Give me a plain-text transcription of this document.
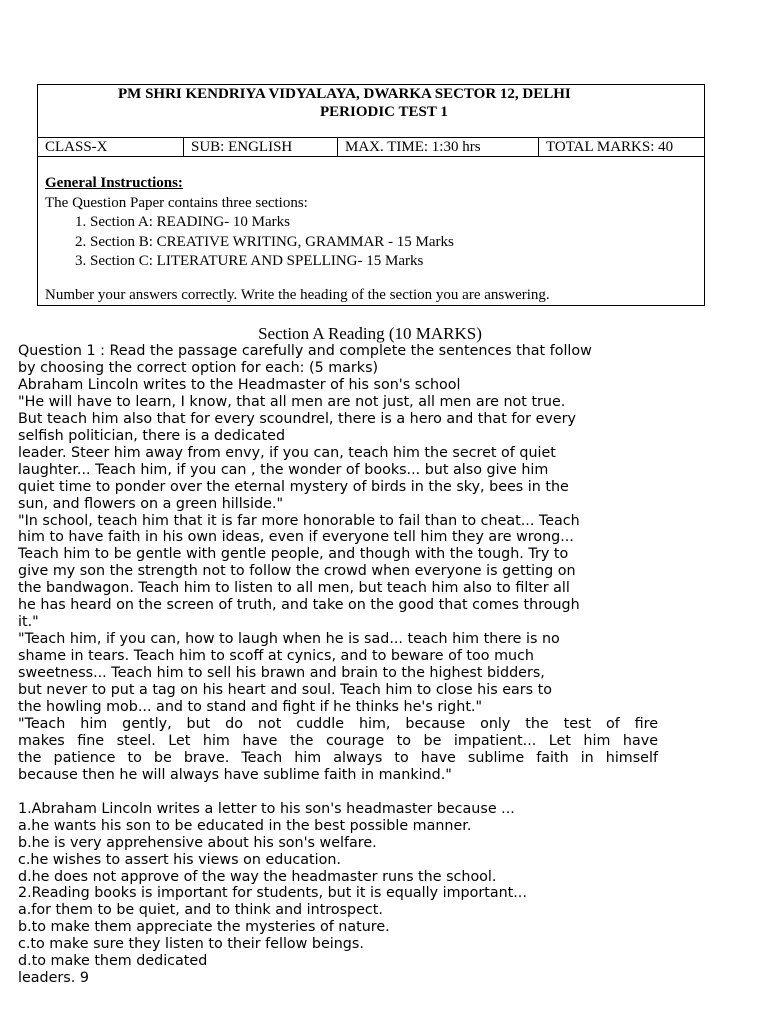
PM SHRI KENDRIYA VIDYALAYA, DWARKA SECTOR 12, DELHI
PERIODIC TEST 1
CLASS-X	SUB: ENGLISH	MAX. TIME: 1:30 hrs	TOTAL MARKS: 40
General Instructions:
The Question Paper contains three sections:
1. Section A: READING- 10 Marks
2. Section B: CREATIVE WRITING, GRAMMAR - 15 Marks
3. Section C: LITERATURE AND SPELLING- 15 Marks
Number your answers correctly. Write the heading of the section you are answering.
Section A Reading (10 MARKS)
Question 1 : Read the passage carefully and complete the sentences that follow
by choosing the correct option for each: (5 marks)
Abraham Lincoln writes to the Headmaster of his son's school
"He will have to learn, I know, that all men are not just, all men are not true.
But teach him also that for every scoundrel, there is a hero and that for every
selfish politician, there is a dedicated
leader. Steer him away from envy, if you can, teach him the secret of quiet
laughter... Teach him, if you can , the wonder of books... but also give him
quiet time to ponder over the eternal mystery of birds in the sky, bees in the
sun, and flowers on a green hillside."
"In school, teach him that it is far more honorable to fail than to cheat... Teach
him to have faith in his own ideas, even if everyone tell him they are wrong...
Teach him to be gentle with gentle people, and though with the tough. Try to
give my son the strength not to follow the crowd when everyone is getting on
the bandwagon. Teach him to listen to all men, but teach him also to filter all
he has heard on the screen of truth, and take on the good that comes through
it."
"Teach him, if you can, how to laugh when he is sad... teach him there is no
shame in tears. Teach him to scoff at cynics, and to beware of too much
sweetness... Teach him to sell his brawn and brain to the highest bidders,
but never to put a tag on his heart and soul. Teach him to close his ears to
the howling mob... and to stand and fight if he thinks he's right."
"Teach him gently, but do not cuddle him, because only the test of fire
makes fine steel. Let him have the courage to be impatient... Let him have
the patience to be brave. Teach him always to have sublime faith in himself
because then he will always have sublime faith in mankind."
1.Abraham Lincoln writes a letter to his son's headmaster because ...
a.he wants his son to be educated in the best possible manner.
b.he is very apprehensive about his son's welfare.
c.he wishes to assert his views on education.
d.he does not approve of the way the headmaster runs the school.
2.Reading books is important for students, but it is equally important...
a.for them to be quiet, and to think and introspect.
b.to make them appreciate the mysteries of nature.
c.to make sure they listen to their fellow beings.
d.to make them dedicated
leaders. 9
